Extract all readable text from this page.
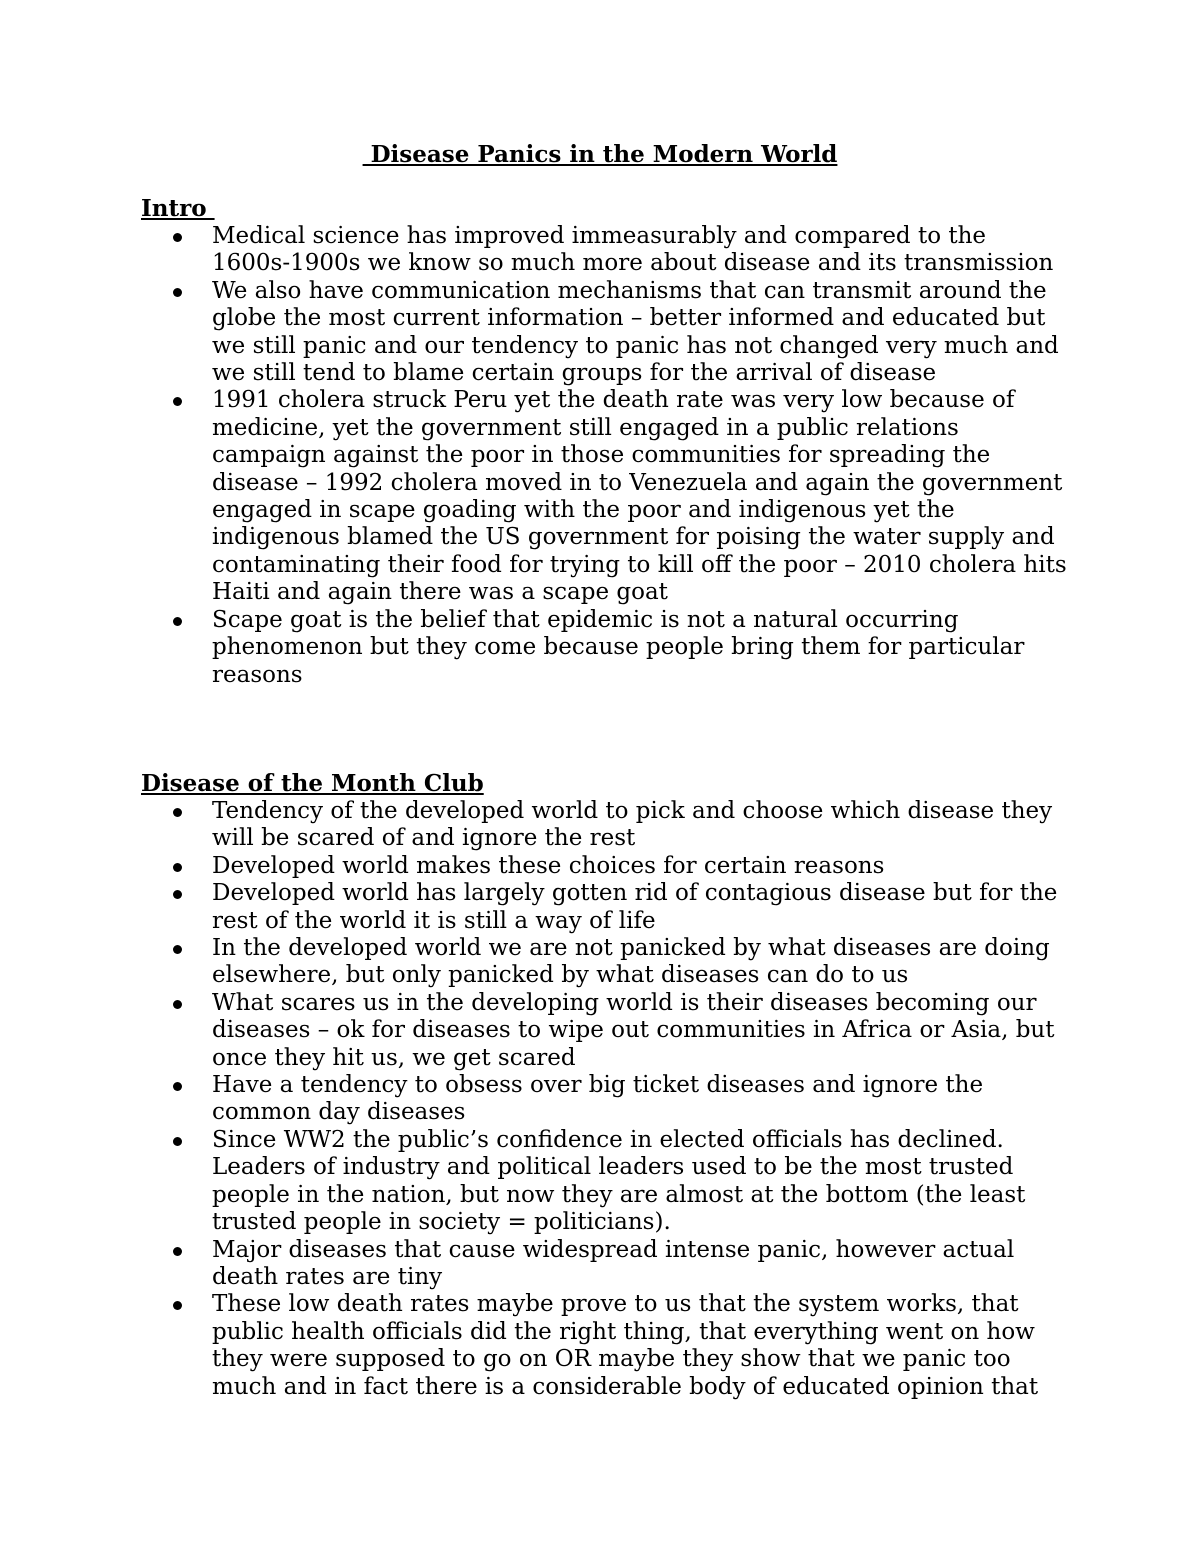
Disease Panics in the Modern World
Intro
Medical science has improved immeasurably and compared to the 1600s-1900s we know so much more about disease and its transmission
We also have communication mechanisms that can transmit around the globe the most current information – better informed and educated but we still panic and our tendency to panic has not changed very much and we still tend to blame certain groups for the arrival of disease
1991 cholera struck Peru yet the death rate was very low because of medicine, yet the government still engaged in a public relations campaign against the poor in those communities for spreading the disease – 1992 cholera moved in to Venezuela and again the government engaged in scape goading with the poor and indigenous yet the indigenous blamed the US government for poising the water supply and contaminating their food for trying to kill off the poor – 2010 cholera hits Haiti and again there was a scape goat
Scape goat is the belief that epidemic is not a natural occurring phenomenon but they come because people bring them for particular reasons
Disease of the Month Club
Tendency of the developed world to pick and choose which disease they will be scared of and ignore the rest
Developed world makes these choices for certain reasons
Developed world has largely gotten rid of contagious disease but for the rest of the world it is still a way of life
In the developed world we are not panicked by what diseases are doing elsewhere, but only panicked by what diseases can do to us
What scares us in the developing world is their diseases becoming our diseases – ok for diseases to wipe out communities in Africa or Asia, but once they hit us, we get scared
Have a tendency to obsess over big ticket diseases and ignore the common day diseases
Since WW2 the public’s confidence in elected officials has declined. Leaders of industry and political leaders used to be the most trusted people in the nation, but now they are almost at the bottom (the least trusted people in society = politicians).
Major diseases that cause widespread intense panic, however actual death rates are tiny
These low death rates maybe prove to us that the system works, that public health officials did the right thing, that everything went on how they were supposed to go on OR maybe they show that we panic too much and in fact there is a considerable body of educated opinion that
